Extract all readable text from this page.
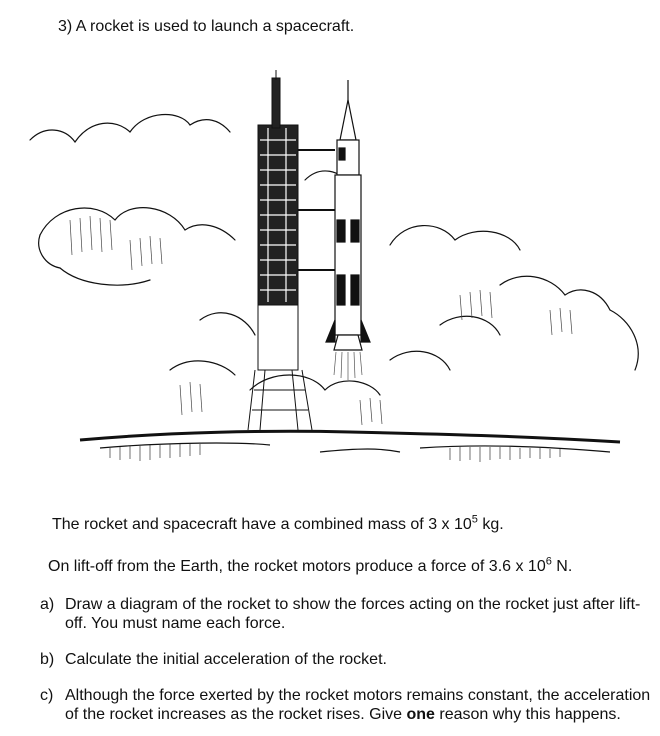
3) A rocket is used to launch a spacecraft.
The rocket and spacecraft have a combined mass of 3 x $10^5$ kg.
On lift-off from the Earth, the rocket motors produce a force of 3.6 x $10^6$ N.
a) Draw a diagram of the rocket to show the forces acting on the rocket just after lift-off. You must name each force.
b) Calculate the initial acceleration of the rocket.
c) Although the force exerted by the rocket motors remains constant, the acceleration of the rocket increases as the rocket rises. Give one reason why this happens.
